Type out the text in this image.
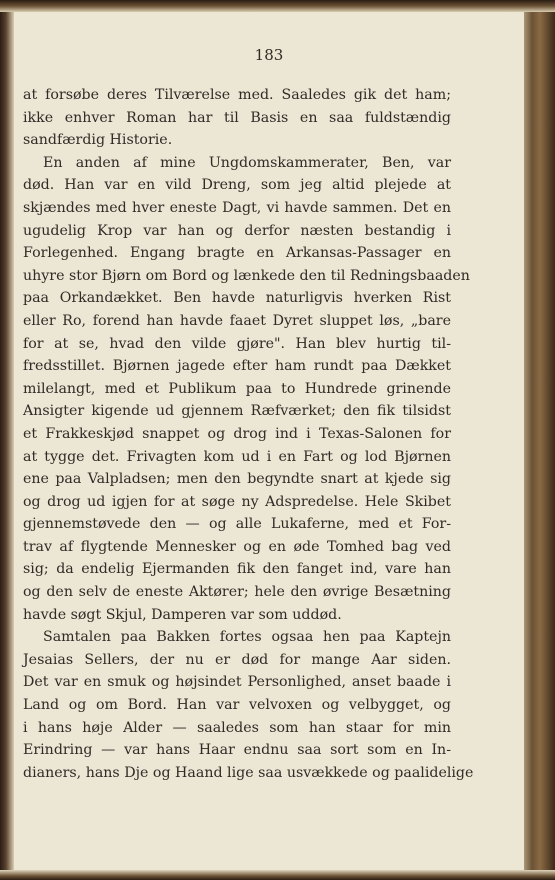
183
at forsøbe deres Tilværelse med. Saaledes gik det ham;
ikke enhver Roman har til Basis en saa fuldstændig
sandfærdig Historie.
En anden af mine Ungdomskammerater, Ben, var
død. Han var en vild Dreng, som jeg altid plejede at
skjændes med hver eneste Dagt, vi havde sammen. Det en
ugudelig Krop var han og derfor næsten bestandig i
Forlegenhed. Engang bragte en Arkansas-Passager en
uhyre stor Bjørn om Bord og lænkede den til Redningsbaaden
paa Orkandækket. Ben havde naturligvis hverken Rist
eller Ro, forend han havde faaet Dyret sluppet løs, „bare
for at se, hvad den vilde gjøre". Han blev hurtig til-
fredsstillet. Bjørnen jagede efter ham rundt paa Dækket
milelangt, med et Publikum paa to Hundrede grinende
Ansigter kigende ud gjennem Ræfværket; den fik tilsidst
et Frakkeskjød snappet og drog ind i Texas-Salonen for
at tygge det. Frivagten kom ud i en Fart og lod Bjørnen
ene paa Valpladsen; men den begyndte snart at kjede sig
og drog ud igjen for at søge ny Adspredelse. Hele Skibet
gjennemstøvede den — og alle Lukaferne, med et For-
trav af flygtende Mennesker og en øde Tomhed bag ved
sig; da endelig Ejermanden fik den fanget ind, vare han
og den selv de eneste Aktører; hele den øvrige Besætning
havde søgt Skjul, Damperen var som uddød.
Samtalen paa Bakken fortes ogsaa hen paa Kaptejn
Jesaias Sellers, der nu er død for mange Aar siden.
Det var en smuk og højsindet Personlighed, anset baade i
Land og om Bord. Han var velvoxen og velbygget, og
i hans høje Alder — saaledes som han staar for min
Erindring — var hans Haar endnu saa sort som en In-
dianers, hans Dje og Haand lige saa usvækkede og paalidelige
